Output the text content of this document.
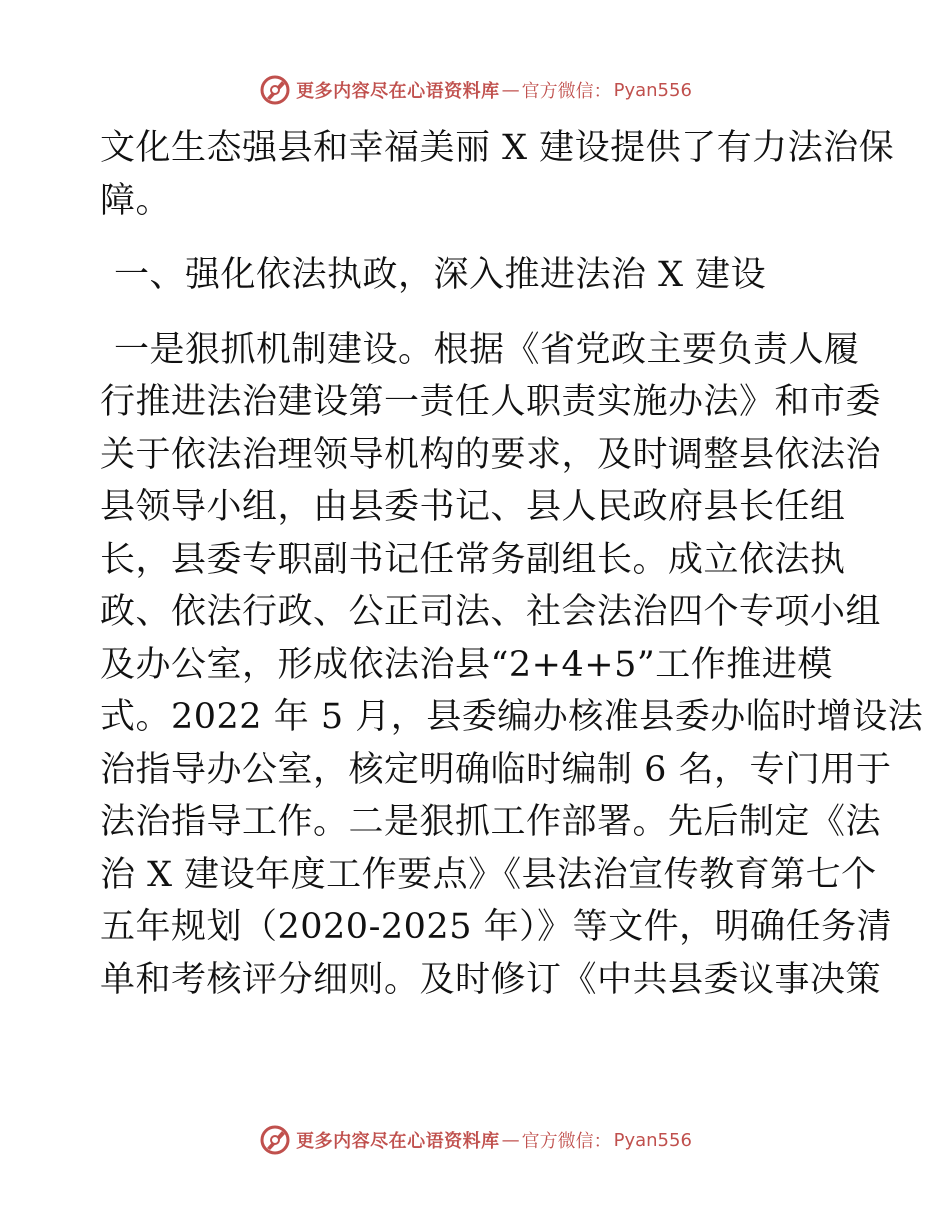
更多内容尽在心语资料库 — 官方微信： Pyan556

文化生态强县和幸福美丽 X 建设提供了有力法治保
障。

一、强化依法执政，深入推进法治 X 建设

一是狠抓机制建设。根据《省党政主要负责人履
行推进法治建设第一责任人职责实施办法》和市委
关于依法治理领导机构的要求，及时调整县依法治
县领导小组，由县委书记、县人民政府县长任组
长，县委专职副书记任常务副组长。成立依法执
政、依法行政、公正司法、社会法治四个专项小组
及办公室，形成依法治县“2+4+5”工作推进模
式。2022 年 5 月，县委编办核准县委办临时增设法
治指导办公室，核定明确临时编制 6 名，专门用于
法治指导工作。二是狠抓工作部署。先后制定《法
治 X 建设年度工作要点》《县法治宣传教育第七个
五年规划（2020-2025 年）》等文件，明确任务清
单和考核评分细则。及时修订《中共县委议事决策

更多内容尽在心语资料库 — 官方微信： Pyan556
